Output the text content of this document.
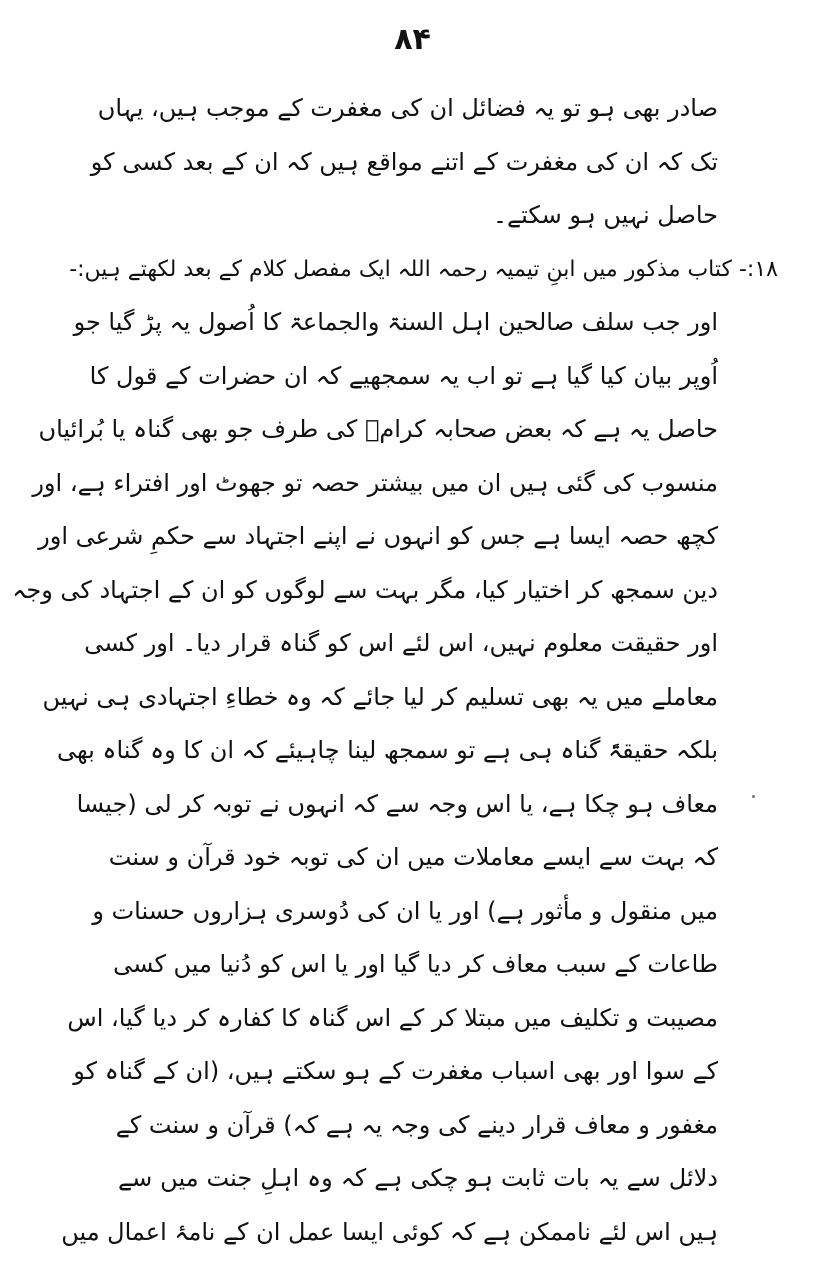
۸۴
صادر بھی ہو تو یہ فضائل ان کی مغفرت کے موجب ہیں، یہاں
تک کہ ان کی مغفرت کے اتنے مواقع ہیں کہ ان کے بعد کسی کو
حاصل نہیں ہو سکتے۔
۱۸:- کتاب مذکور میں ابنِ تیمیہ رحمہ اللہ ایک مفصل کلام کے بعد لکھتے ہیں:-
اور جب سلف صالحین اہل السنۃ والجماعۃ کا اُصول یہ پڑ گیا جو
اُوپر بیان کیا گیا ہے تو اب یہ سمجھیے کہ ان حضرات کے قول کا
حاصل یہ ہے کہ بعض صحابہ کرامؓ کی طرف جو بھی گناہ یا بُرائیاں
منسوب کی گئی ہیں ان میں بیشتر حصہ تو جھوٹ اور افتراء ہے، اور
کچھ حصہ ایسا ہے جس کو انہوں نے اپنے اجتہاد سے حکمِ شرعی اور
دین سمجھ کر اختیار کیا، مگر بہت سے لوگوں کو ان کے اجتہاد کی وجہ
اور حقیقت معلوم نہیں، اس لئے اس کو گناہ قرار دیا۔ اور کسی
معاملے میں یہ بھی تسلیم کر لیا جائے کہ وہ خطاءِ اجتہادی ہی نہیں
بلکہ حقیقۃً گناہ ہی ہے تو سمجھ لینا چاہیئے کہ ان کا وہ گناہ بھی
معاف ہو چکا ہے، یا اس وجہ سے کہ انہوں نے توبہ کر لی (جیسا
کہ بہت سے ایسے معاملات میں ان کی توبہ خود قرآن و سنت
میں منقول و مأثور ہے) اور یا ان کی دُوسری ہزاروں حسنات و
طاعات کے سبب معاف کر دیا گیا اور یا اس کو دُنیا میں کسی
مصیبت و تکلیف میں مبتلا کر کے اس گناہ کا کفارہ کر دیا گیا، اس
کے سوا اور بھی اسباب مغفرت کے ہو سکتے ہیں، (ان کے گناہ کو
مغفور و معاف قرار دینے کی وجہ یہ ہے کہ) قرآن و سنت کے
دلائل سے یہ بات ثابت ہو چکی ہے کہ وہ اہلِ جنت میں سے
ہیں اس لئے ناممکن ہے کہ کوئی ایسا عمل ان کے نامۂ اعمال میں
